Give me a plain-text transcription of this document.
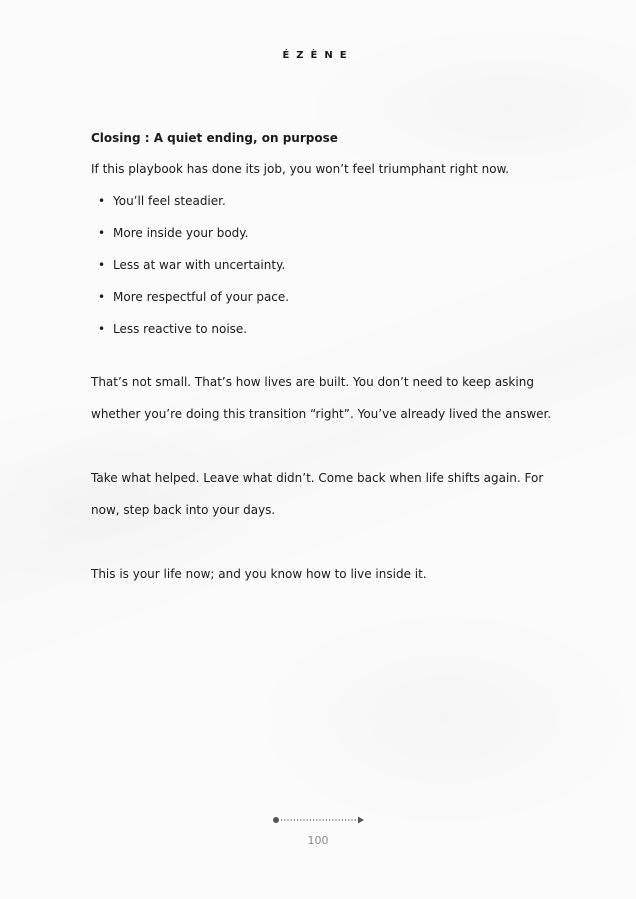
ÉZÈNE
Closing : A quiet ending, on purpose
If this playbook has done its job, you won’t feel triumphant right now.
• You’ll feel steadier.
• More inside your body.
• Less at war with uncertainty.
• More respectful of your pace.
• Less reactive to noise.

That’s not small. That’s how lives are built. You don’t need to keep asking whether you’re doing this transition “right”. You’ve already lived the answer.

Take what helped. Leave what didn’t. Come back when life shifts again. For now, step back into your days.

This is your life now; and you know how to live inside it.

100
